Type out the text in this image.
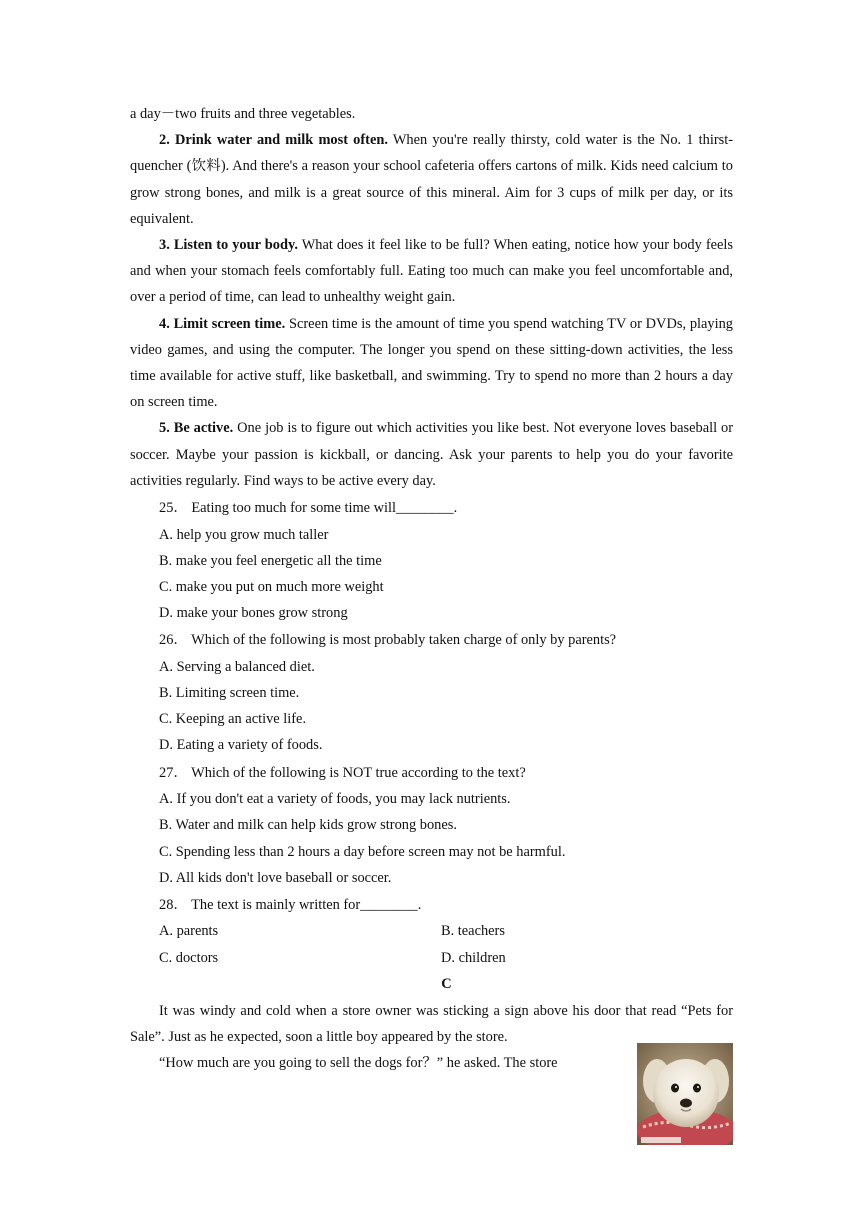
a day－two fruits and three vegetables.

2. Drink water and milk most often. When you're really thirsty, cold water is the No. 1 thirst-quencher (饮料). And there's a reason your school cafeteria offers cartons of milk. Kids need calcium to grow strong bones, and milk is a great source of this mineral. Aim for 3 cups of milk per day, or its equivalent.

3. Listen to your body. What does it feel like to be full? When eating, notice how your body feels and when your stomach feels comfortably full. Eating too much can make you feel uncomfortable and, over a period of time, can lead to unhealthy weight gain.

4. Limit screen time. Screen time is the amount of time you spend watching TV or DVDs, playing video games, and using the computer. The longer you spend on these sitting-down activities, the less time available for active stuff, like basketball, and swimming. Try to spend no more than 2 hours a day on screen time.

5. Be active. One job is to figure out which activities you like best. Not everyone loves baseball or soccer. Maybe your passion is kickball, or dancing. Ask your parents to help you do your favorite activities regularly. Find ways to be active every day.

25． Eating too much for some time will________.

A. help you grow much taller

B. make you feel energetic all the time

C. make you put on much more weight

D. make your bones grow strong

26． Which of the following is most probably taken charge of only by parents?

A. Serving a balanced diet.

B. Limiting screen time.

C. Keeping an active life.

D. Eating a variety of foods.

27． Which of the following is NOT true according to the text?

A. If you don't eat a variety of foods, you may lack nutrients.

B. Water and milk can help kids grow strong bones.

C. Spending less than 2 hours a day before screen may not be harmful.

D. All kids don't love baseball or soccer.

28． The text is mainly written for________.

A. parents	B. teachers
C. doctors	D. children

C

It was windy and cold when a store owner was sticking a sign above his door that read “Pets for Sale”. Just as he expected, soon a little boy appeared by the store.

“How much are you going to sell the dogs for？” he asked. The store
